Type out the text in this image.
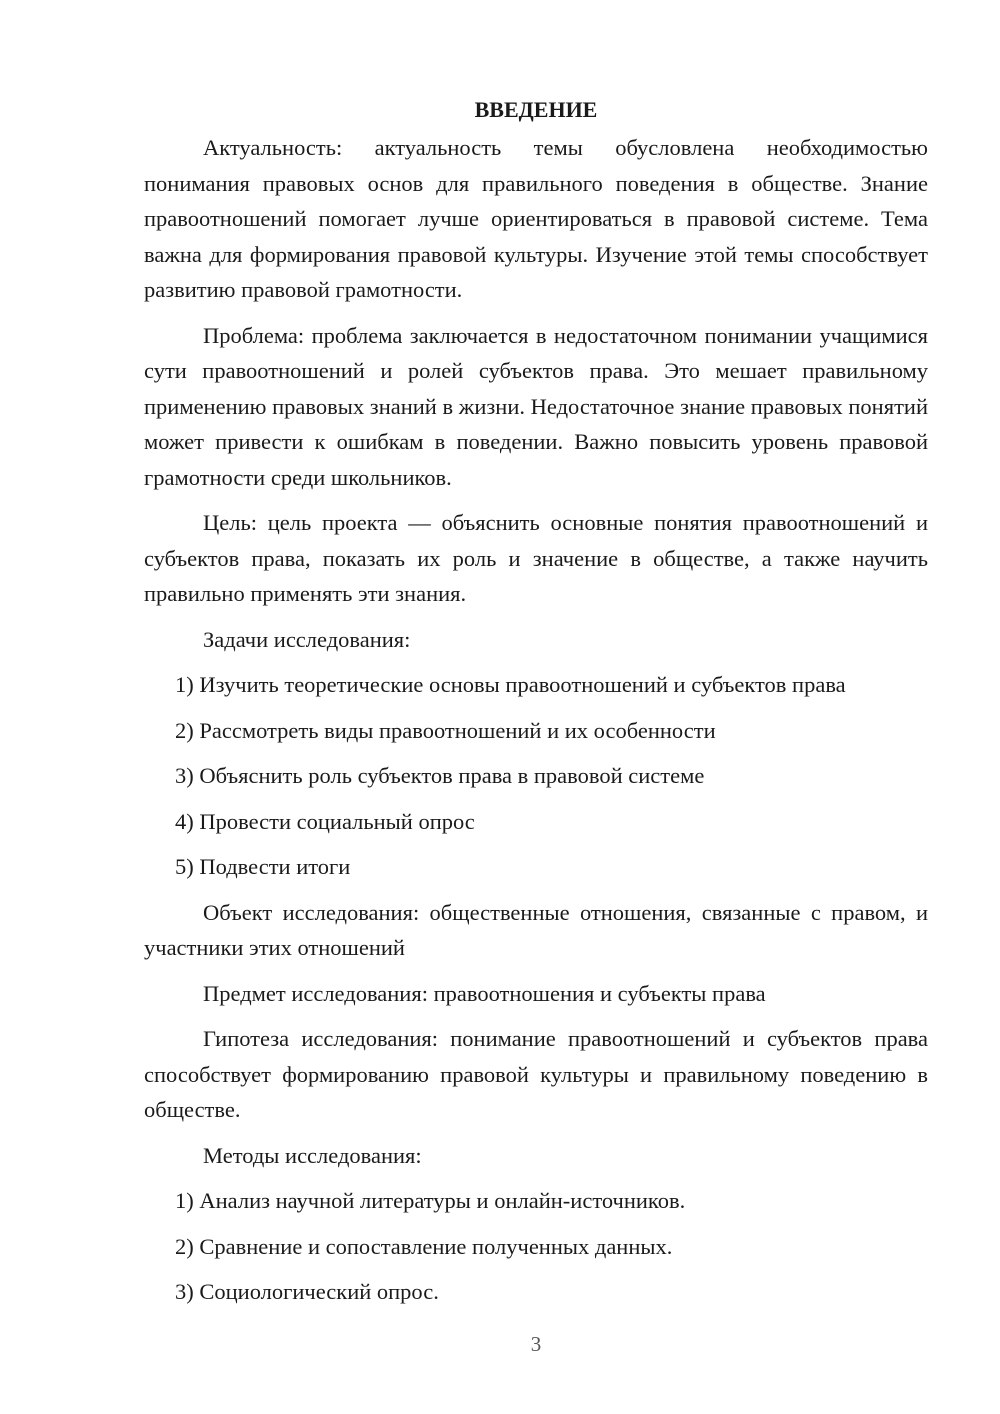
ВВЕДЕНИЕ

Актуальность: актуальность темы обусловлена необходимостью понимания правовых основ для правильного поведения в обществе. Знание правоотношений помогает лучше ориентироваться в правовой системе. Тема важна для формирования правовой культуры. Изучение этой темы способствует развитию правовой грамотности.

Проблема: проблема заключается в недостаточном понимании учащимися сути правоотношений и ролей субъектов права. Это мешает правильному применению правовых знаний в жизни. Недостаточное знание правовых понятий может привести к ошибкам в поведении. Важно повысить уровень правовой грамотности среди школьников.

Цель: цель проекта — объяснить основные понятия правоотношений и субъектов права, показать их роль и значение в обществе, а также научить правильно применять эти знания.

Задачи исследования:

1) Изучить теоретические основы правоотношений и субъектов права
2) Рассмотреть виды правоотношений и их особенности
3) Объяснить роль субъектов права в правовой системе
4) Провести социальный опрос
5) Подвести итоги

Объект исследования: общественные отношения, связанные с правом, и участники этих отношений

Предмет исследования: правоотношения и субъекты права

Гипотеза исследования: понимание правоотношений и субъектов права способствует формированию правовой культуры и правильному поведению в обществе.

Методы исследования:

1) Анализ научной литературы и онлайн-источников.
2) Сравнение и сопоставление полученных данных.
3) Социологический опрос.
3
